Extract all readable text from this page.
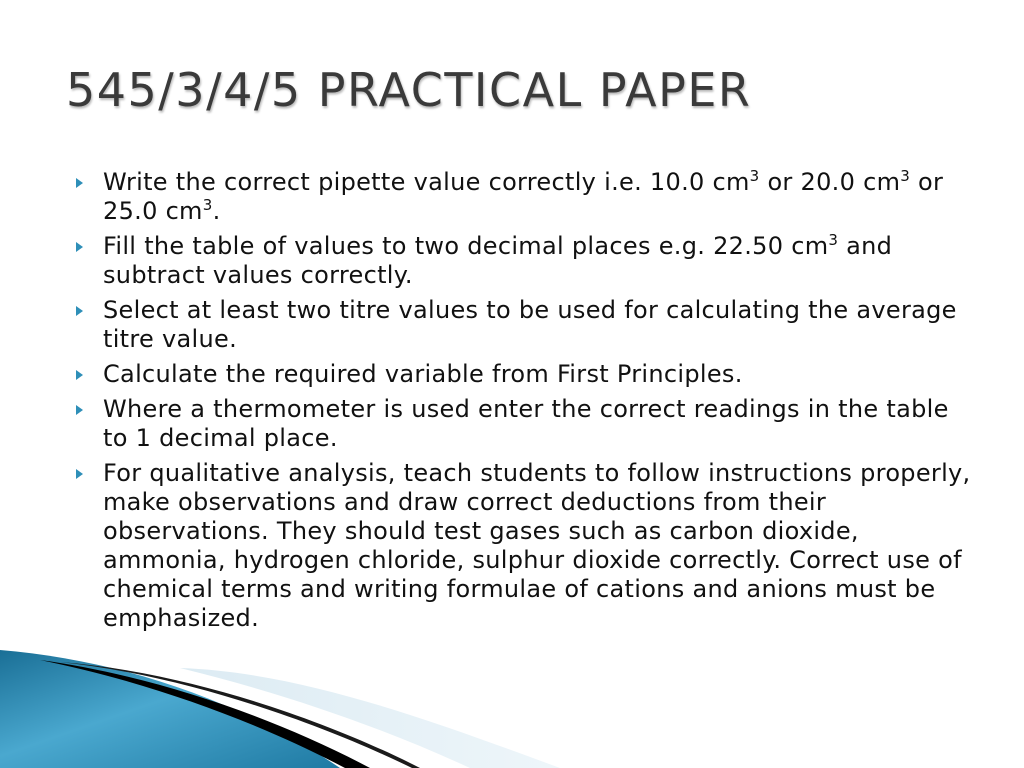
545/3/4/5 PRACTICAL PAPER
Write the correct pipette value correctly i.e. 10.0 $cm^3$ or 20.0 $cm^3$ or 25.0 $cm^3$.
Fill the table of values to two decimal places e.g. 22.50 $cm^3$ and subtract values correctly.
Select at least two titre values to be used for calculating the average titre value.
Calculate the required variable from First Principles.
Where a thermometer is used enter the correct readings in the table to 1 decimal place.
For qualitative analysis, teach students to follow instructions properly, make observations and draw correct deductions from their observations. They should test gases such as carbon dioxide, ammonia, hydrogen chloride, sulphur dioxide correctly. Correct use of chemical terms and writing formulae of cations and anions must be emphasized.
